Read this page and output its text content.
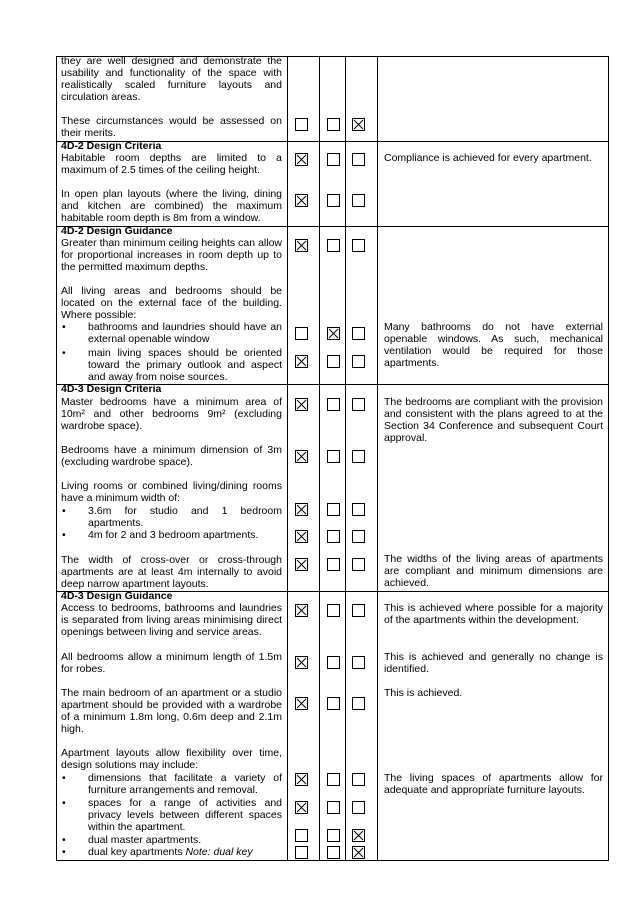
they are well designed and demonstrate the usability and functionality of the space with realistically scaled furniture layouts and circulation areas.
These circumstances would be assessed on their merits.
4D-2 Design Criteria
Habitable room depths are limited to a maximum of 2.5 times of the ceiling height.
In open plan layouts (where the living, dining and kitchen are combined) the maximum habitable room depth is 8m from a window.
Compliance is achieved for every apartment.
4D-2 Design Guidance
Greater than minimum ceiling heights can allow for proportional increases in room depth up to the permitted maximum depths.
All living areas and bedrooms should be located on the external face of the building. Where possible:
• bathrooms and laundries should have an external openable window
• main living spaces should be oriented toward the primary outlook and aspect and away from noise sources.
Many bathrooms do not have external openable windows. As such, mechanical ventilation would be required for those apartments.
4D-3 Design Criteria
Master bedrooms have a minimum area of 10m² and other bedrooms 9m² (excluding wardrobe space).
Bedrooms have a minimum dimension of 3m (excluding wardrobe space).
Living rooms or combined living/dining rooms have a minimum width of:
• 3.6m for studio and 1 bedroom apartments.
• 4m for 2 and 3 bedroom apartments.
The width of cross-over or cross-through apartments are at least 4m internally to avoid deep narrow apartment layouts.
The bedrooms are compliant with the provision and consistent with the plans agreed to at the Section 34 Conference and subsequent Court approval.
The widths of the living areas of apartments are compliant and minimum dimensions are achieved.
4D-3 Design Guidance
Access to bedrooms, bathrooms and laundries is separated from living areas minimising direct openings between living and service areas.
All bedrooms allow a minimum length of 1.5m for robes.
The main bedroom of an apartment or a studio apartment should be provided with a wardrobe of a minimum 1.8m long, 0.6m deep and 2.1m high.
Apartment layouts allow flexibility over time, design solutions may include:
• dimensions that facilitate a variety of furniture arrangements and removal.
• spaces for a range of activities and privacy levels between different spaces within the apartment.
• dual master apartments.
• dual key apartments Note: dual key
This is achieved where possible for a majority of the apartments within the development.
This is achieved and generally no change is identified.
This is achieved.
The living spaces of apartments allow for adequate and appropriate furniture layouts.
